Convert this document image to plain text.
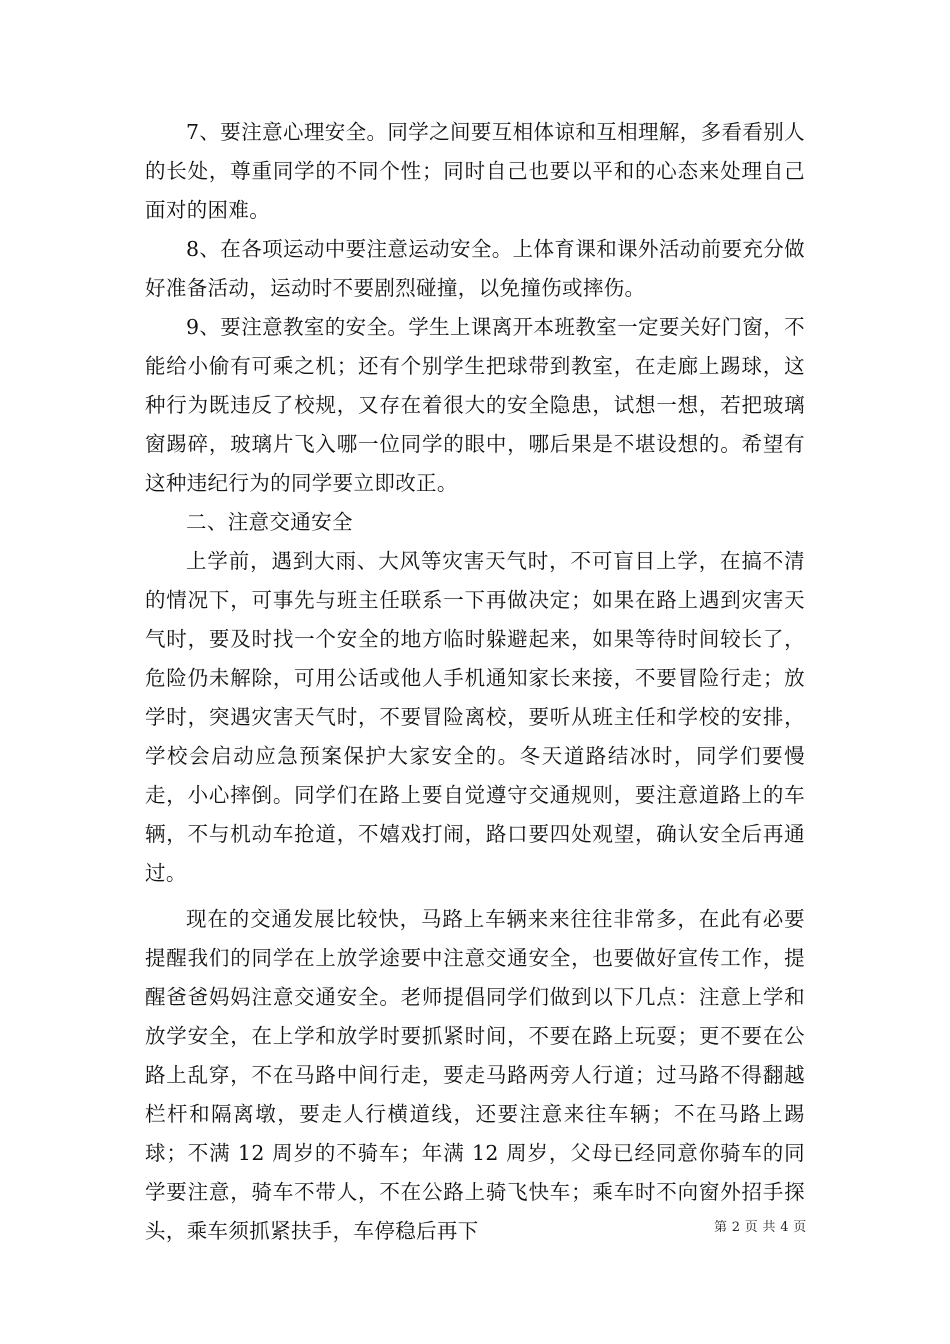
7、要注意心理安全。同学之间要互相体谅和互相理解，多看看别人的长处，尊重同学的不同个性；同时自己也要以平和的心态来处理自己面对的困难。

8、在各项运动中要注意运动安全。上体育课和课外活动前要充分做好准备活动，运动时不要剧烈碰撞，以免撞伤或摔伤。

9、要注意教室的安全。学生上课离开本班教室一定要关好门窗，不能给小偷有可乘之机；还有个别学生把球带到教室，在走廊上踢球，这种行为既违反了校规，又存在着很大的安全隐患，试想一想，若把玻璃窗踢碎，玻璃片飞入哪一位同学的眼中，哪后果是不堪设想的。希望有这种违纪行为的同学要立即改正。

二、注意交通安全

上学前，遇到大雨、大风等灾害天气时，不可盲目上学，在搞不清的情况下，可事先与班主任联系一下再做决定；如果在路上遇到灾害天气时，要及时找一个安全的地方临时躲避起来，如果等待时间较长了，危险仍未解除，可用公话或他人手机通知家长来接，不要冒险行走；放学时，突遇灾害天气时，不要冒险离校，要听从班主任和学校的安排，学校会启动应急预案保护大家安全的。冬天道路结冰时，同学们要慢走，小心摔倒。同学们在路上要自觉遵守交通规则，要注意道路上的车辆，不与机动车抢道，不嬉戏打闹，路口要四处观望，确认安全后再通过。

现在的交通发展比较快，马路上车辆来来往往非常多，在此有必要提醒我们的同学在上放学途要中注意交通安全，也要做好宣传工作，提醒爸爸妈妈注意交通安全。老师提倡同学们做到以下几点：注意上学和放学安全，在上学和放学时要抓紧时间，不要在路上玩耍；更不要在公路上乱穿，不在马路中间行走，要走马路两旁人行道；过马路不得翻越栏杆和隔离墩，要走人行横道线，还要注意来往车辆；不在马路上踢球；不满 12 周岁的不骑车；年满 12 周岁，父母已经同意你骑车的同学要注意，骑车不带人，不在公路上骑飞快车；乘车时不向窗外招手探头，乘车须抓紧扶手，车停稳后再下	第 2 页 共 4 页
